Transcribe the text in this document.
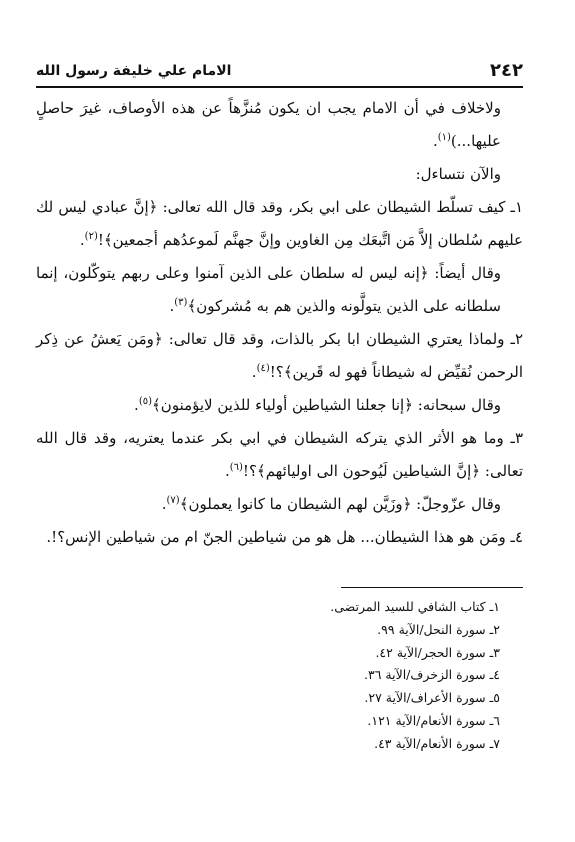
٢٤٢
الامام علي خليفة رسول الله

ولاخلاف في أن الامام يجب ان يكون مُنزَّهاً عن هذه الأوصاف، غيرَ حاصلٍ عليها...)$^{(١)}$.

والآن نتساءل:

١ـ كيف تسلّط الشيطان على ابي بكر، وقد قال الله تعالى: ﴿إنَّ عبادي ليس لك عليهم سُلطان إلاَّ مَن اتَّبعَك مِن الغاوين وإنَّ جهنَّم لَموعدُهم أجمعين﴾!$^{(٢)}$.

وقال أيضاً: ﴿إنه ليس له سلطان على الذين آمنوا وعلى ربهم يتوكّلون، إنما سلطانه على الذين يتولَّونه والذين هم به مُشركون﴾$^{(٣)}$.

٢ـ ولماذا يعتري الشيطان ابا بكر بالذات، وقد قال تعالى: ﴿ومَن يَعشُ عن ذِكر الرحمن نُقيِّض له شيطاناً فهو له قَرين﴾؟!$^{(٤)}$.

وقال سبحانه: ﴿إنا جعلنا الشياطين أولياء للذين لايؤمنون﴾$^{(٥)}$.

٣ـ وما هو الأثر الذي يتركه الشيطان في ابي بكر عندما يعتريه، وقد قال الله تعالى: ﴿إنَّ الشياطين لَيُوحون الى اوليائهم﴾؟!$^{(٦)}$.

وقال عزّوجلّ: ﴿وزَيَّن لهم الشيطان ما كانوا يعملون﴾$^{(٧)}$.

٤ـ ومَن هو هذا الشيطان... هل هو من شياطين الجنّ ام من شياطين الإنس؟!.

١ـ كتاب الشافي للسيد المرتضى.
٢ـ سورة النحل/الآية ٩٩.
٣ـ سورة الحجر/الآية ٤٢.
٤ـ سورة الزخرف/الآية ٣٦.
٥ـ سورة الأعراف/الآية ٢٧.
٦ـ سورة الأنعام/الآية ١٢١.
٧ـ سورة الأنعام/الآية ٤٣.
